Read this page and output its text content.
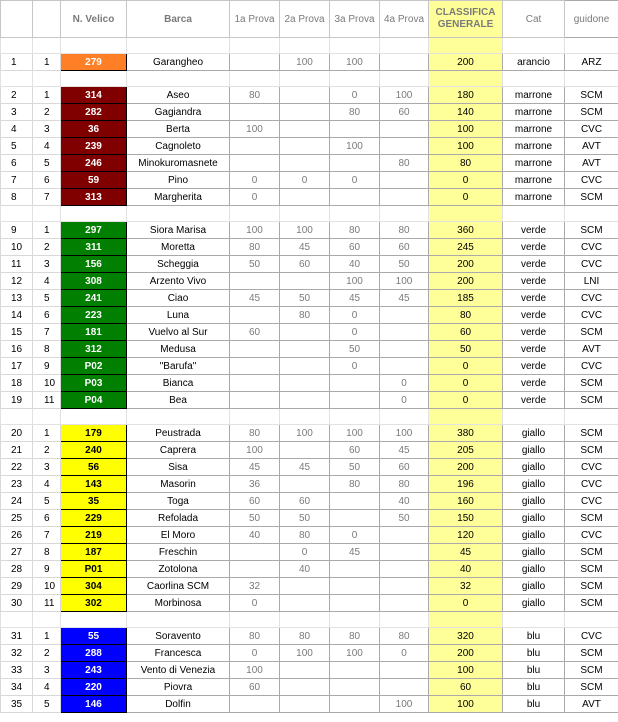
		N. Velico	Barca	1a Prova	2a Prova	3a Prova	4a Prova	CLASSIFICA
GENERALE	Cat	guidone

1	1	279	Garangheo		100	100		200	arancio	ARZ

2	1	314	Aseo	80		0	100	180	marrone	SCM
3	2	282	Gagiandra			80	60	140	marrone	SCM
4	3	36	Berta	100				100	marrone	CVC
5	4	239	Cagnoleto			100		100	marrone	AVT
6	5	246	Minokuromasnete				80	80	marrone	AVT
7	6	59	Pino	0	0	0		0	marrone	CVC
8	7	313	Margherita	0				0	marrone	SCM

9	1	297	Siora Marisa	100	100	80	80	360	verde	SCM
10	2	311	Moretta	80	45	60	60	245	verde	CVC
11	3	156	Scheggia	50	60	40	50	200	verde	CVC
12	4	308	Arzento Vivo			100	100	200	verde	LNI
13	5	241	Ciao	45	50	45	45	185	verde	CVC
14	6	223	Luna		80	0		80	verde	CVC
15	7	181	Vuelvo al Sur	60		0		60	verde	SCM
16	8	312	Medusa			50		50	verde	AVT
17	9	P02	"Barufa"			0		0	verde	CVC
18	10	P03	Bianca				0	0	verde	SCM
19	11	P04	Bea				0	0	verde	SCM

20	1	179	Peustrada	80	100	100	100	380	giallo	SCM
21	2	240	Caprera	100		60	45	205	giallo	SCM
22	3	56	Sisa	45	45	50	60	200	giallo	CVC
23	4	143	Masorin	36		80	80	196	giallo	CVC
24	5	35	Toga	60	60		40	160	giallo	CVC
25	6	229	Refolada	50	50		50	150	giallo	SCM
26	7	219	El Moro	40	80	0		120	giallo	CVC
27	8	187	Freschin		0	45		45	giallo	SCM
28	9	P01	Zotolona		40			40	giallo	SCM
29	10	304	Caorlina SCM	32				32	giallo	SCM
30	11	302	Morbinosa	0				0	giallo	SCM

31	1	55	Soravento	80	80	80	80	320	blu	CVC
32	2	288	Francesca	0	100	100	0	200	blu	SCM
33	3	243	Vento di Venezia	100				100	blu	SCM
34	4	220	Piovra	60				60	blu	SCM
35	5	146	Dolfin				100	100	blu	AVT
